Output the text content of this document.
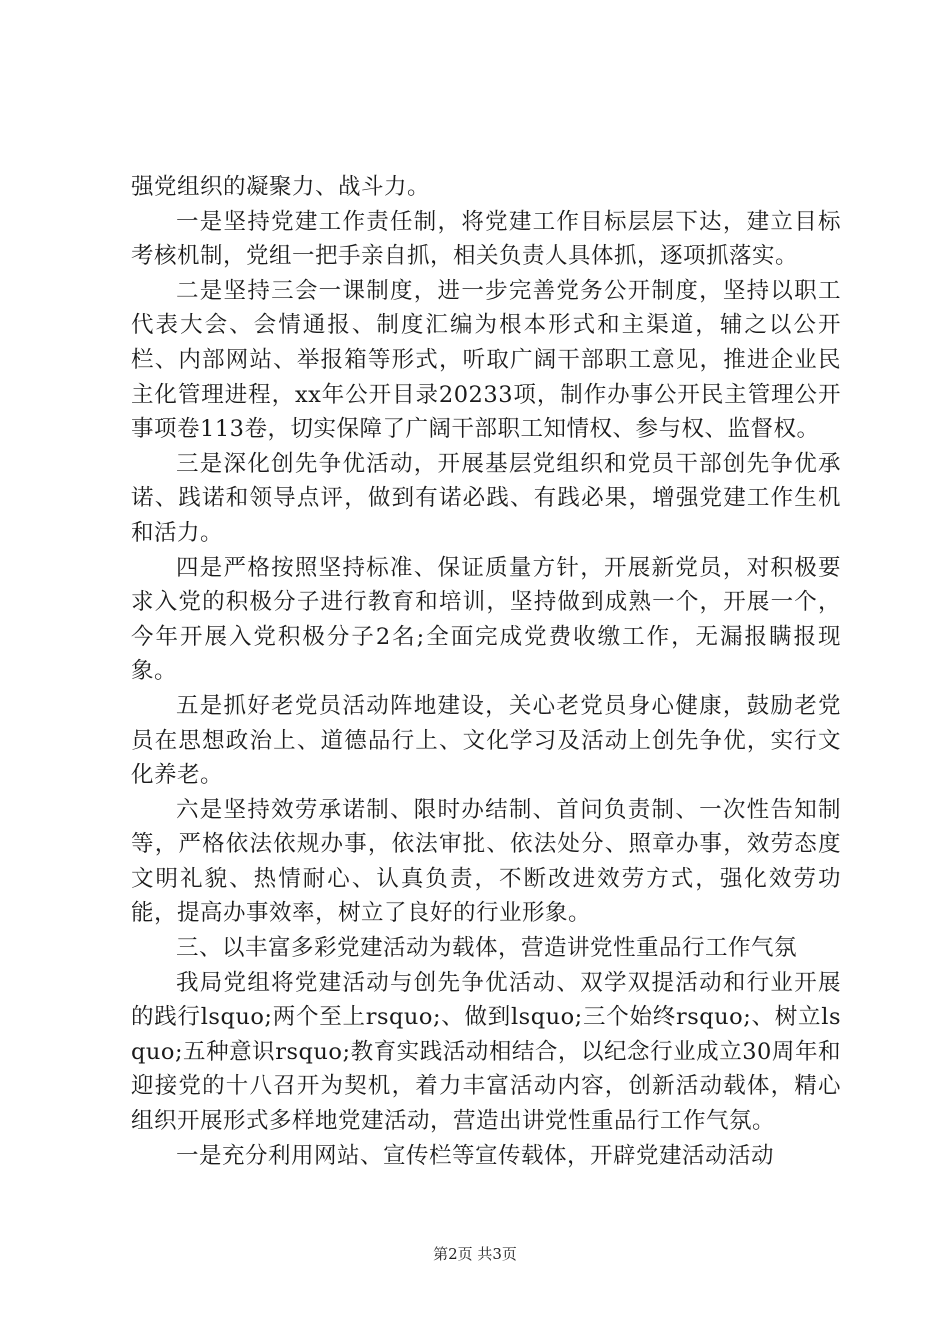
强党组织的凝聚力、战斗力。

一是坚持党建工作责任制，将党建工作目标层层下达，建立目标考核机制，党组一把手亲自抓，相关负责人具体抓，逐项抓落实。

二是坚持三会一课制度，进一步完善党务公开制度，坚持以职工代表大会、会情通报、制度汇编为根本形式和主渠道，辅之以公开栏、内部网站、举报箱等形式，听取广阔干部职工意见，推进企业民主化管理进程，xx年公开目录20233项，制作办事公开民主管理公开事项卷113卷，切实保障了广阔干部职工知情权、参与权、监督权。

三是深化创先争优活动，开展基层党组织和党员干部创先争优承诺、践诺和领导点评，做到有诺必践、有践必果，增强党建工作生机和活力。

四是严格按照坚持标准、保证质量方针，开展新党员，对积极要求入党的积极分子进行教育和培训，坚持做到成熟一个，开展一个，今年开展入党积极分子2名;全面完成党费收缴工作，无漏报瞒报现象。

五是抓好老党员活动阵地建设，关心老党员身心健康，鼓励老党员在思想政治上、道德品行上、文化学习及活动上创先争优，实行文化养老。

六是坚持效劳承诺制、限时办结制、首问负责制、一次性告知制等，严格依法依规办事，依法审批、依法处分、照章办事，效劳态度文明礼貌、热情耐心、认真负责，不断改进效劳方式，强化效劳功能，提高办事效率，树立了良好的行业形象。

三、以丰富多彩党建活动为载体，营造讲党性重品行工作气氛

我局党组将党建活动与创先争优活动、双学双提活动和行业开展的践行lsquo;两个至上rsquo;、做到lsquo;三个始终rsquo;、树立lsquo;五种意识rsquo;教育实践活动相结合，以纪念行业成立30周年和迎接党的十八召开为契机，着力丰富活动内容，创新活动载体，精心组织开展形式多样地党建活动，营造出讲党性重品行工作气氛。

一是充分利用网站、宣传栏等宣传载体，开辟党建活动活动

第2页 共3页
